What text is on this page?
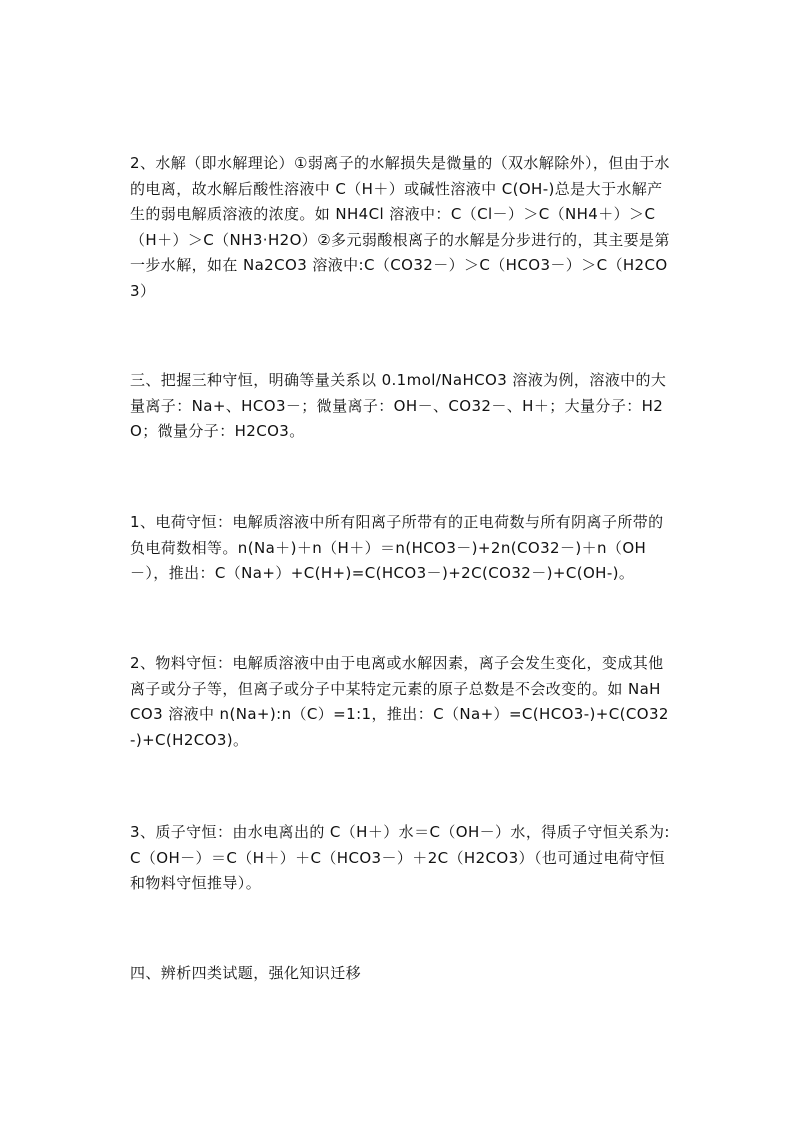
2、水解（即水解理论）①弱离子的水解损失是微量的（双水解除外），但由于水的电离，故水解后酸性溶液中 C（H＋）或碱性溶液中 C(OH-)总是大于水解产生的弱电解质溶液的浓度。如 NH4Cl 溶液中：C（Cl－）＞C（NH4＋）＞C（H＋）＞C（NH3·H2O）②多元弱酸根离子的水解是分步进行的，其主要是第一步水解，如在 Na2CO3 溶液中:C（CO32－）＞C（HCO3－）＞C（H2CO3）

三、把握三种守恒，明确等量关系以 0.1mol/NaHCO3 溶液为例，溶液中的大量离子：Na+、HCO3－；微量离子：OH－、CO32－、H＋；大量分子：H2O；微量分子：H2CO3。

1、电荷守恒：电解质溶液中所有阳离子所带有的正电荷数与所有阴离子所带的负电荷数相等。n(Na＋)＋n（H＋）＝n(HCO3－)+2n(CO32－)＋n（OH－），推出：C（Na+）+C(H+)=C(HCO3－)+2C(CO32－)+C(OH-)。

2、物料守恒：电解质溶液中由于电离或水解因素，离子会发生变化，变成其他离子或分子等，但离子或分子中某特定元素的原子总数是不会改变的。如 NaHCO3 溶液中 n(Na+):n（C）=1:1，推出：C（Na+）=C(HCO3-)+C(CO32-)+C(H2CO3)。

3、质子守恒：由水电离出的 C（H＋）水＝C（OH－）水，得质子守恒关系为:C（OH－）＝C（H＋）＋C（HCO3－）＋2C（H2CO3）（也可通过电荷守恒和物料守恒推导）。

四、辨析四类试题，强化知识迁移
